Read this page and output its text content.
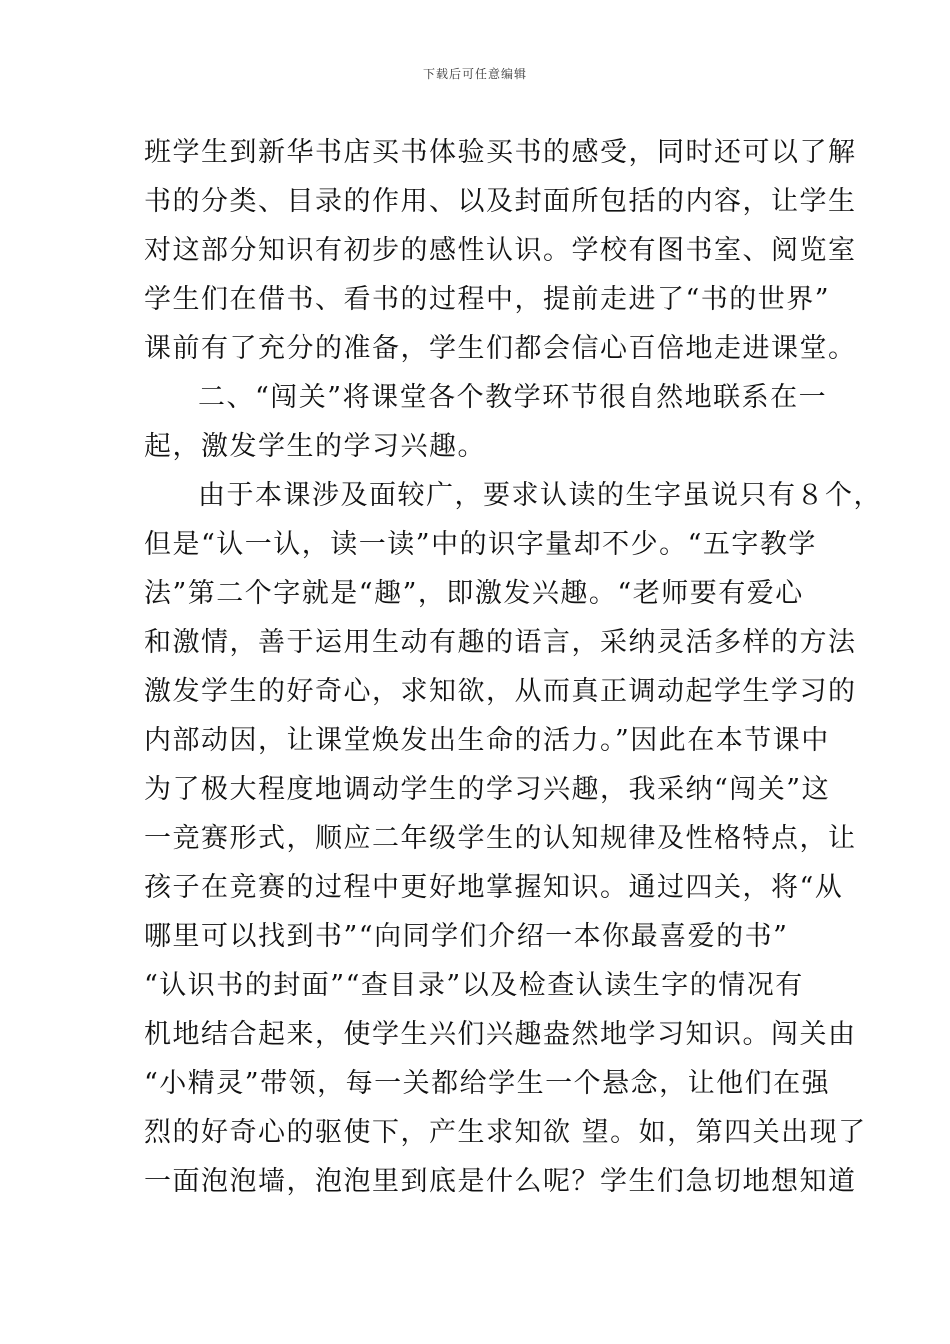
下载后可任意编辑
班学生到新华书店买书体验买书的感受，同时还可以了解
书的分类、目录的作用、以及封面所包括的内容，让学生
对这部分知识有初步的感性认识。学校有图书室、阅览室
学生们在借书、看书的过程中，提前走进了“书的世界”
课前有了充分的准备，学生们都会信心百倍地走进课堂。
二、“闯关”将课堂各个教学环节很自然地联系在一
起，激发学生的学习兴趣。
由于本课涉及面较广，要求认读的生字虽说只有８个，
但是“认一认，读一读”中的识字量却不少。“五字教学
法”第二个字就是“趣”，即激发兴趣。“老师要有爱心
和激情，善于运用生动有趣的语言，采纳灵活多样的方法
激发学生的好奇心，求知欲，从而真正调动起学生学习的
内部动因，让课堂焕发出生命的活力。”因此在本节课中
为了极大程度地调动学生的学习兴趣，我采纳“闯关”这
一竞赛形式，顺应二年级学生的认知规律及性格特点，让
孩子在竞赛的过程中更好地掌握知识。通过四关，将“从
哪里可以找到书”“向同学们介绍一本你最喜爱的书”
“认识书的封面”“查目录”以及检查认读生字的情况有
机地结合起来，使学生兴们兴趣盎然地学习知识。闯关由
“小精灵”带领，每一关都给学生一个悬念，让他们在强
烈的好奇心的驱使下，产生求知欲 望。如，第四关出现了
一面泡泡墙，泡泡里到底是什么呢？学生们急切地想知道
